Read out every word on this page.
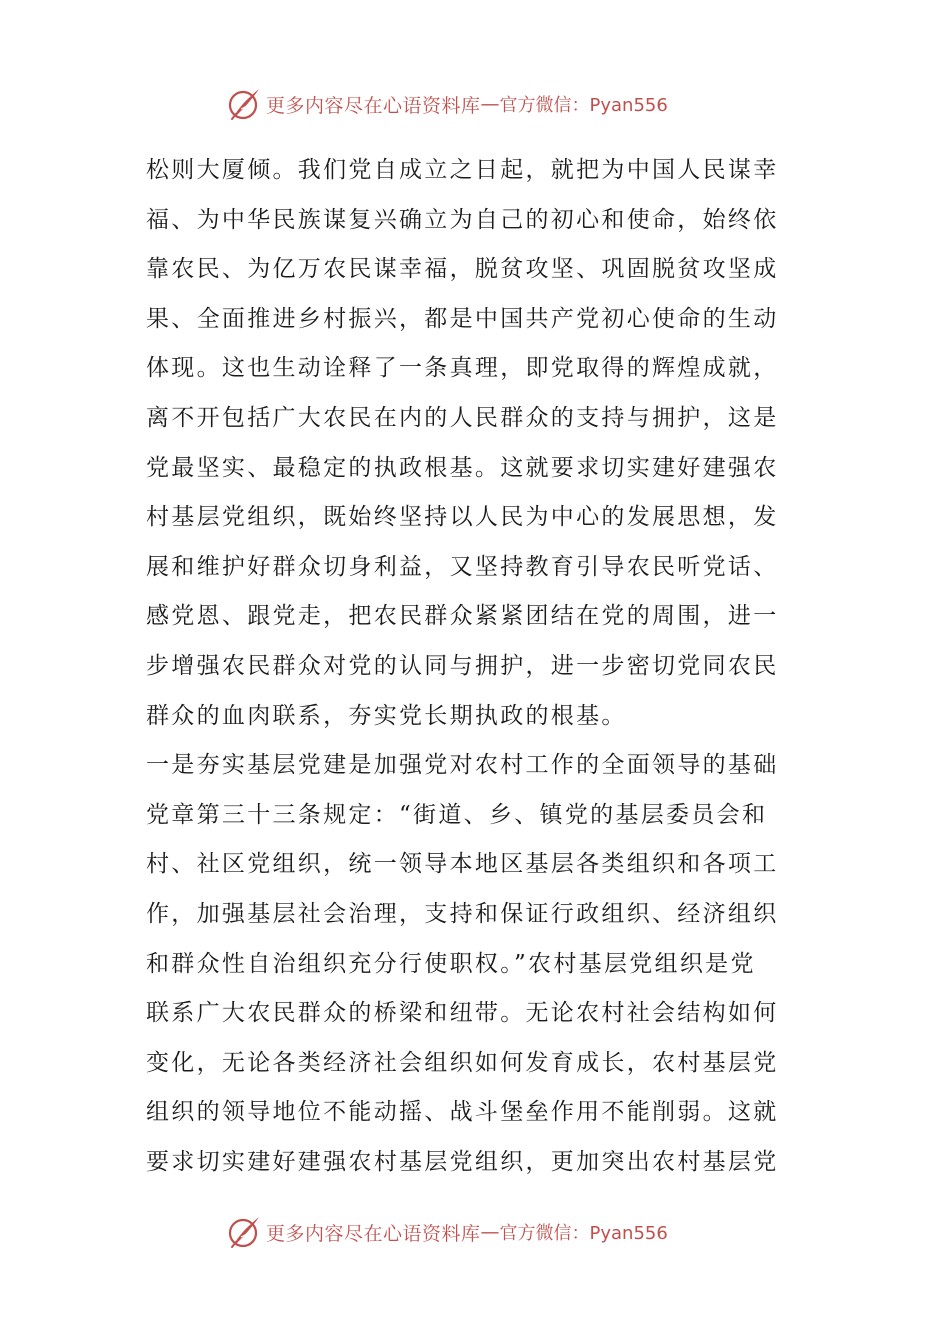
更多内容尽在心语资料库 — 官方微信：Pyan556
松则大厦倾。我们党自成立之日起，就把为中国人民谋幸
福、为中华民族谋复兴确立为自己的初心和使命，始终依
靠农民、为亿万农民谋幸福，脱贫攻坚、巩固脱贫攻坚成
果、全面推进乡村振兴，都是中国共产党初心使命的生动
体现。这也生动诠释了一条真理，即党取得的辉煌成就，
离不开包括广大农民在内的人民群众的支持与拥护，这是
党最坚实、最稳定的执政根基。这就要求切实建好建强农
村基层党组织，既始终坚持以人民为中心的发展思想，发
展和维护好群众切身利益，又坚持教育引导农民听党话、
感党恩、跟党走，把农民群众紧紧团结在党的周围，进一
步增强农民群众对党的认同与拥护，进一步密切党同农民
群众的血肉联系，夯实党长期执政的根基。
一是夯实基层党建是加强党对农村工作的全面领导的基础
党章第三十三条规定：“街道、乡、镇党的基层委员会和
村、社区党组织，统一领导本地区基层各类组织和各项工
作，加强基层社会治理，支持和保证行政组织、经济组织
和群众性自治组织充分行使职权。”农村基层党组织是党
联系广大农民群众的桥梁和纽带。无论农村社会结构如何
变化，无论各类经济社会组织如何发育成长，农村基层党
组织的领导地位不能动摇、战斗堡垒作用不能削弱。这就
要求切实建好建强农村基层党组织，更加突出农村基层党
更多内容尽在心语资料库 — 官方微信：Pyan556
